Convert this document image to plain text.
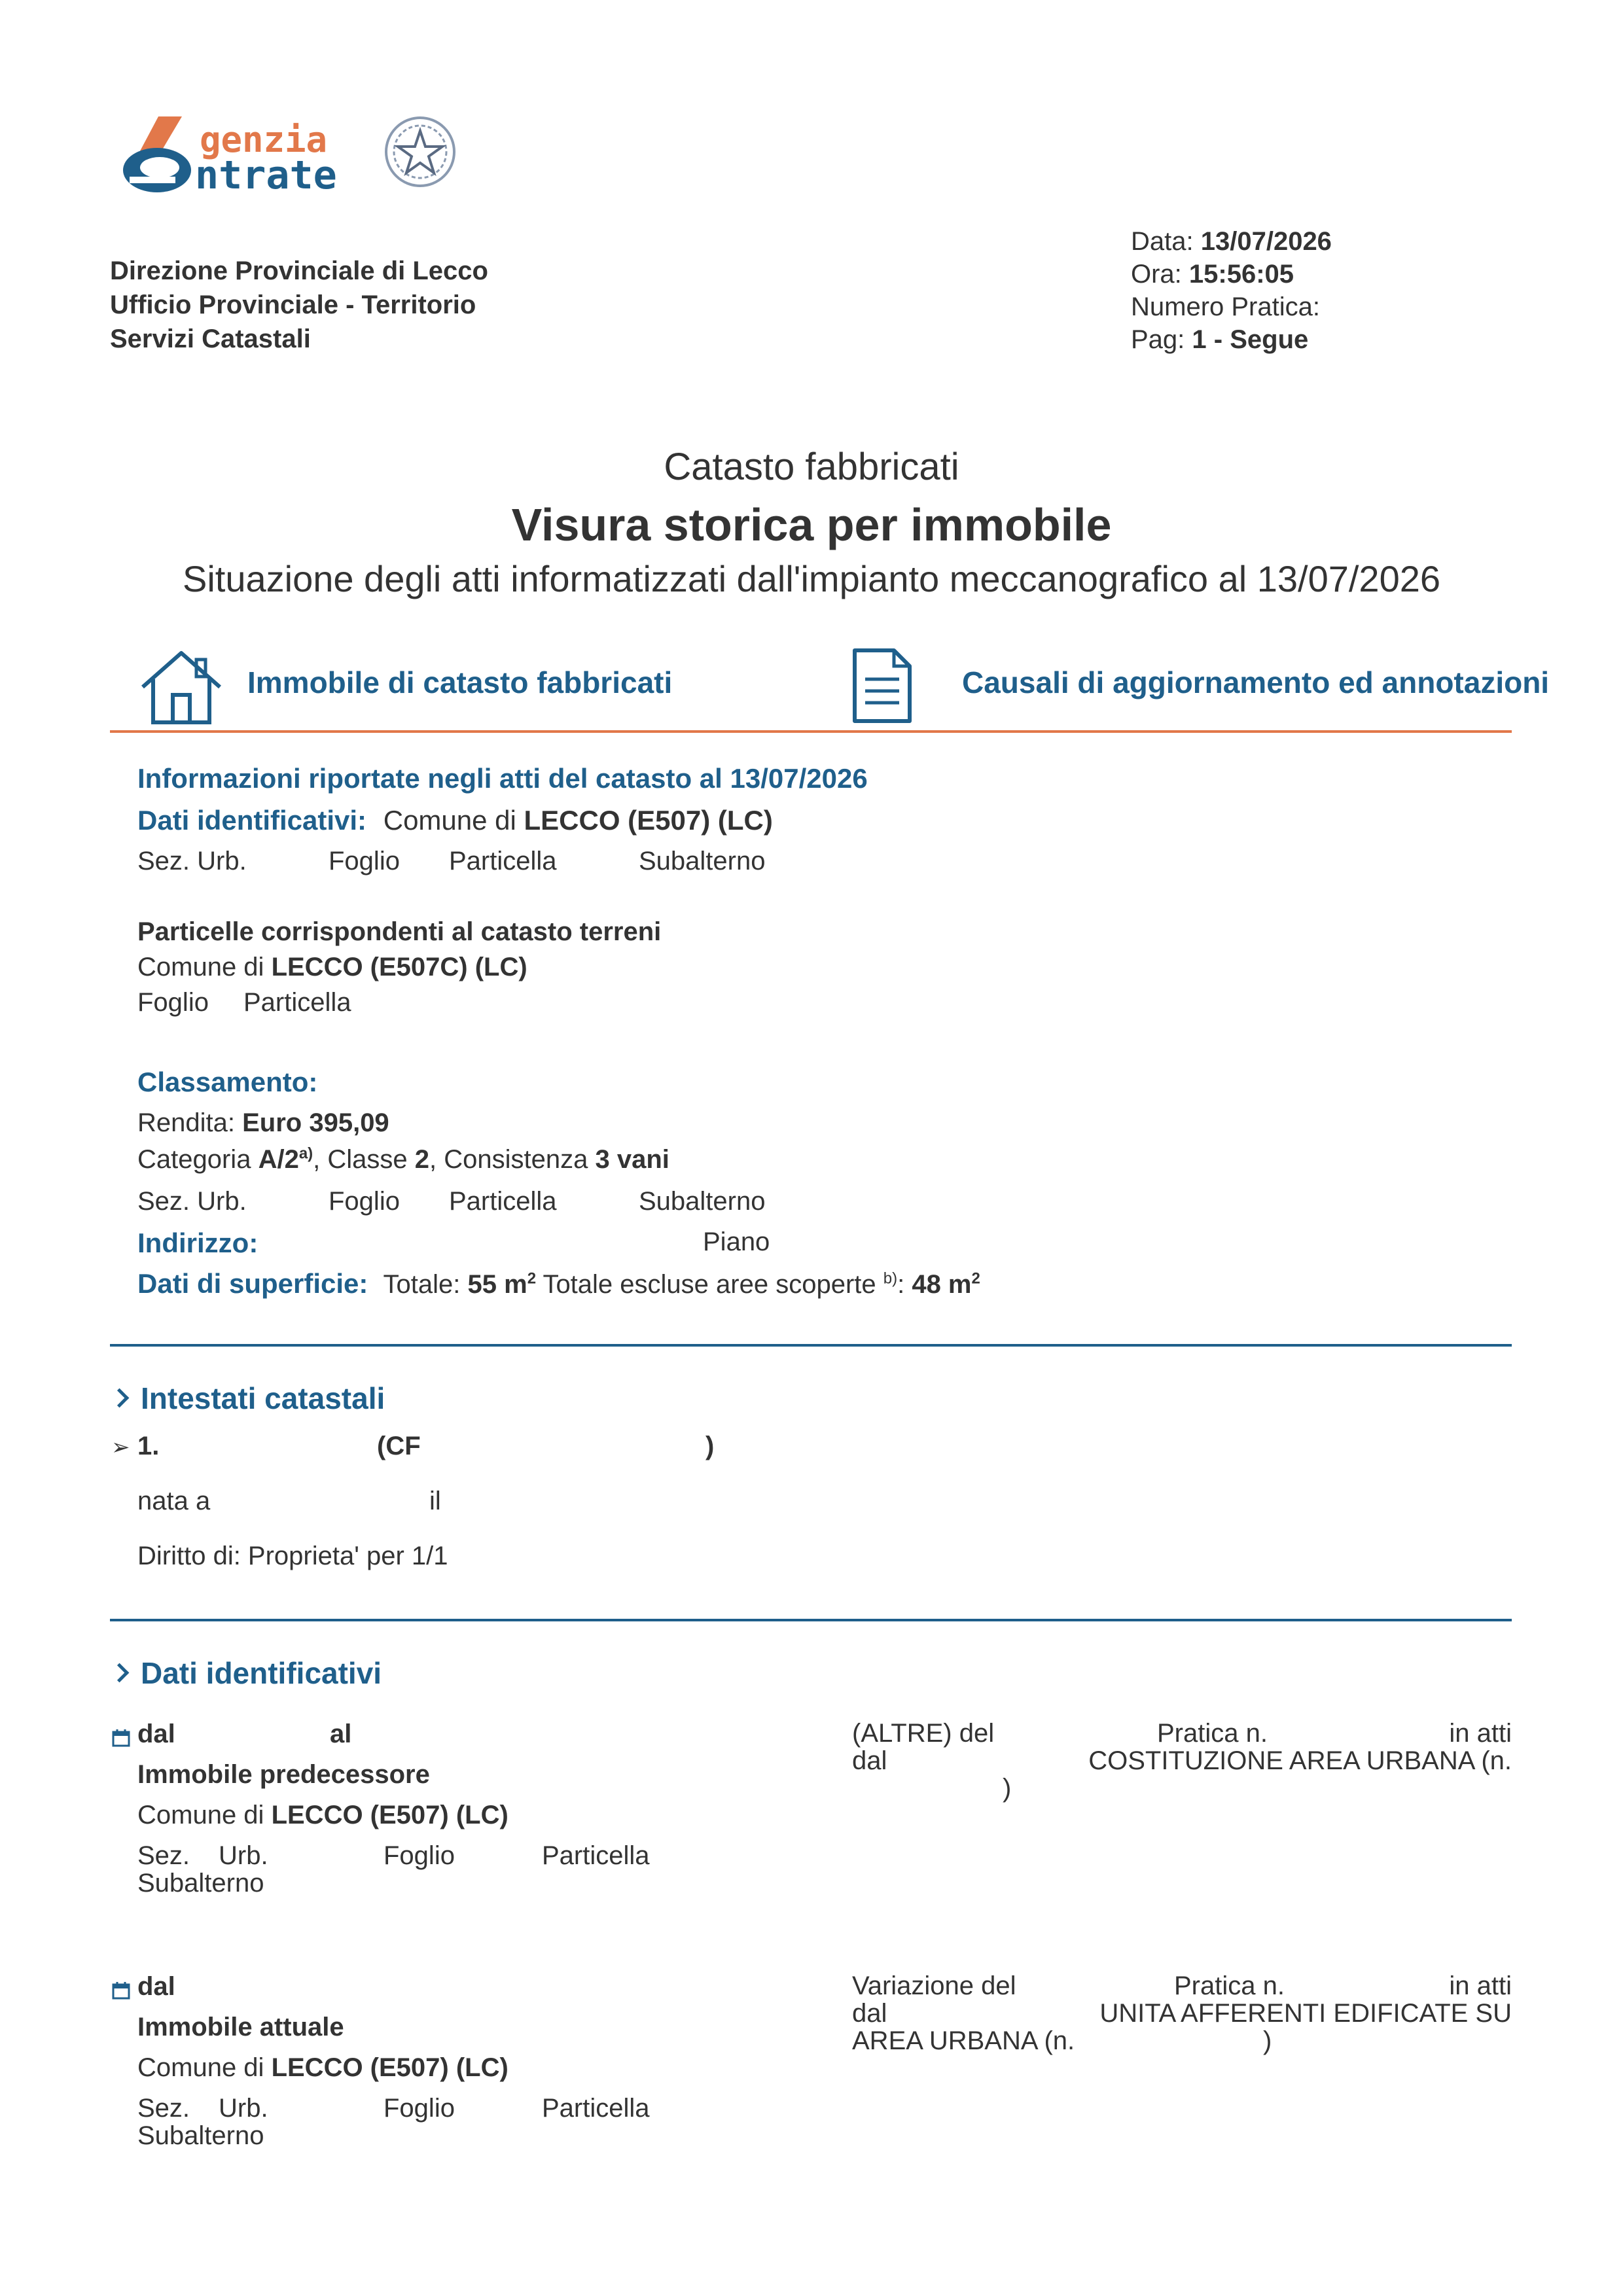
genzia
ntrate
Direzione Provinciale di Lecco
Ufficio Provinciale - Territorio
Servizi Catastali
Data: 13/07/2026
Ora: 15:56:05
Numero Pratica:
Pag: 1 - Segue
Catasto fabbricati
Visura storica per immobile
Situazione degli atti informatizzati dall'impianto meccanografico al 13/07/2026
Immobile di catasto fabbricati	Causali di aggiornamento ed annotazioni
Informazioni riportate negli atti del catasto al 13/07/2026
Dati identificativi: Comune di LECCO (E507) (LC)
Sez. Urb.	Foglio Particella	Subalterno
Particelle corrispondenti al catasto terreni
Comune di LECCO (E507C) (LC)
Foglio Particella
Classamento:
Rendita: Euro 395,09
Categoria A/2$^{a)}$, Classe 2, Consistenza 3 vani
Sez. Urb.	Foglio Particella	Subalterno
Indirizzo:	Piano
Dati di superficie: Totale: 55 $m^2$ Totale escluse aree scoperte $^{b)}$: 48 $m^2$
Intestati catastali
➢ 1.	(CF	)
nata a	il
Diritto di: Proprieta' per 1/1
Dati identificativi
dal	al
Immobile predecessore
Comune di LECCO (E507) (LC)
Sez. Urb.	Foglio	Particella
Subalterno
(ALTRE) del	Pratica n.	in atti
dal	COSTITUZIONE AREA URBANA (n.
)
dal
Immobile attuale
Comune di LECCO (E507) (LC)
Sez. Urb.	Foglio	Particella
Subalterno
Variazione del	Pratica n.	in atti
dal	UNITA AFFERENTI EDIFICATE SU
AREA URBANA (n.	)
